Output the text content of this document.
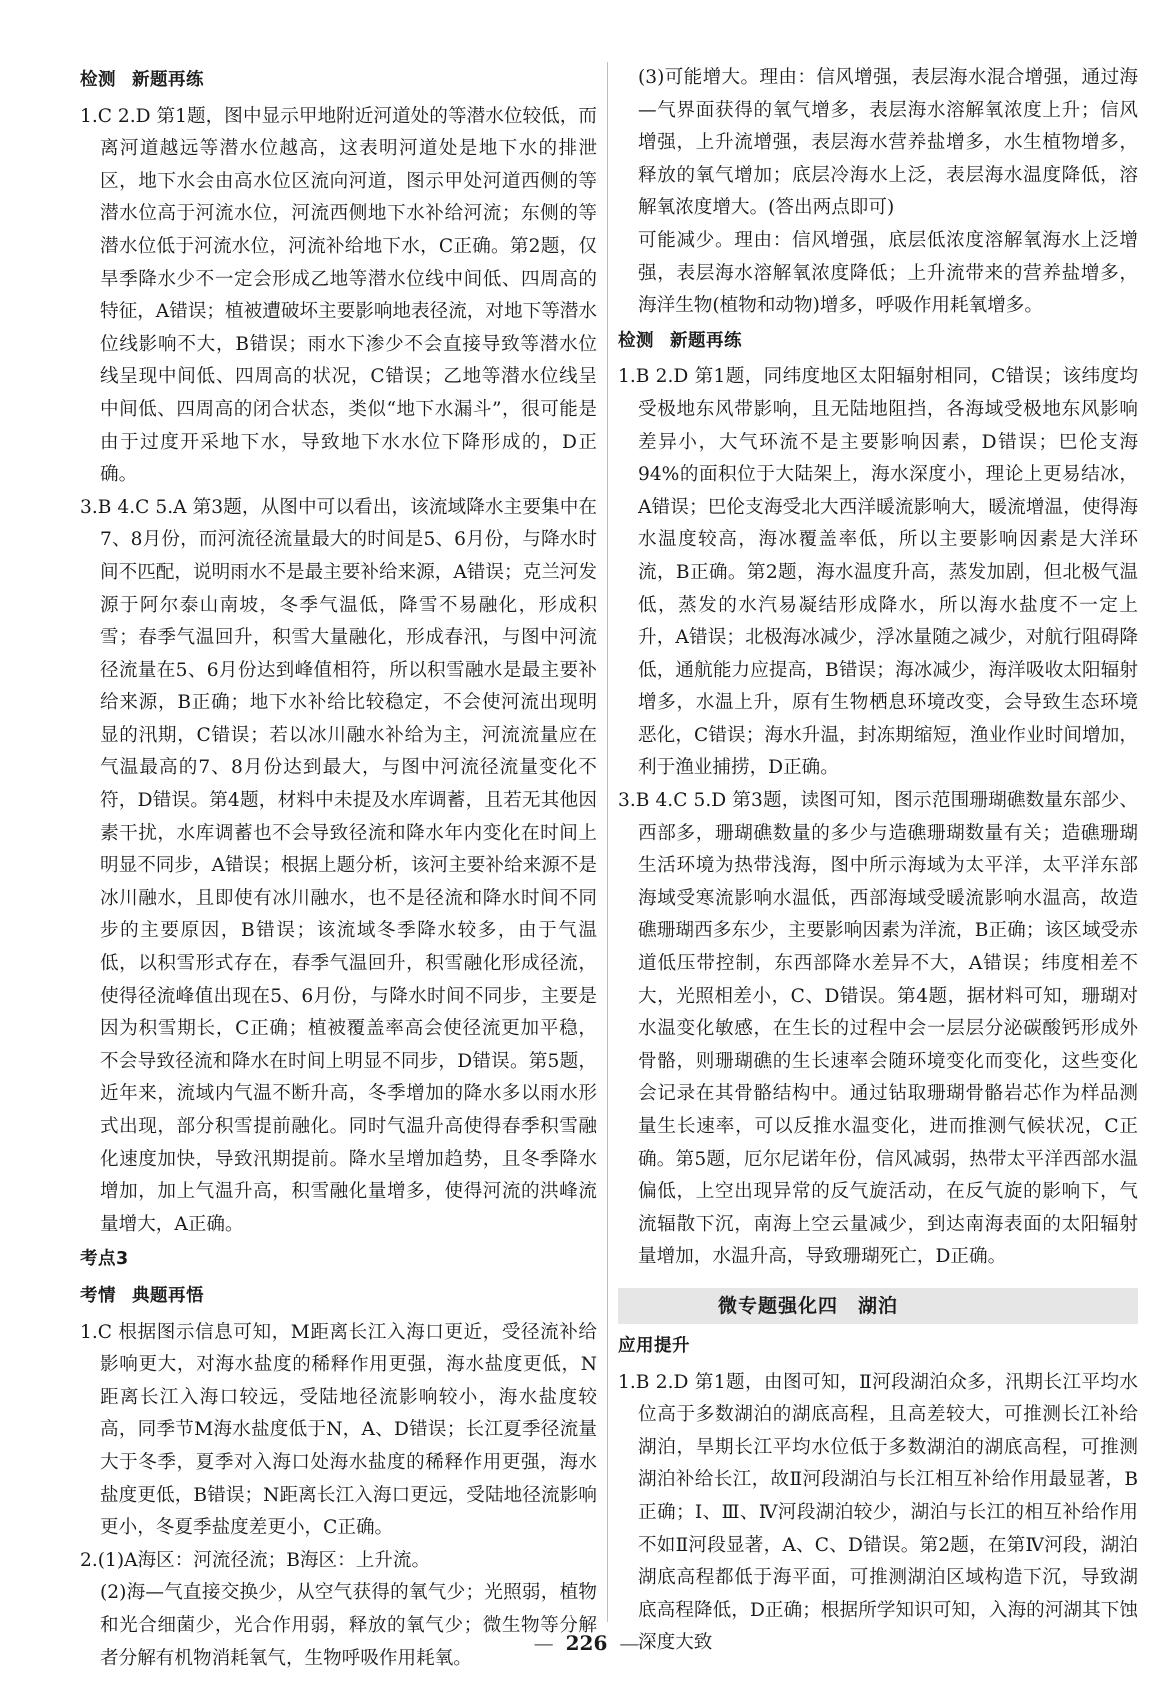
检测 新题再练

1.C 2.D 第1题，图中显示甲地附近河道处的等潜水位较低，而离河道越远等潜水位越高，这表明河道处是地下水的排泄区，地下水会由高水位区流向河道，图示甲处河道西侧的等潜水位高于河流水位，河流西侧地下水补给河流；东侧的等潜水位低于河流水位，河流补给地下水，C正确。第2题，仅旱季降水少不一定会形成乙地等潜水位线中间低、四周高的特征，A错误；植被遭破坏主要影响地表径流，对地下等潜水位线影响不大，B错误；雨水下渗少不会直接导致等潜水位线呈现中间低、四周高的状况，C错误；乙地等潜水位线呈中间低、四周高的闭合状态，类似“地下水漏斗”，很可能是由于过度开采地下水，导致地下水水位下降形成的，D正确。

3.B 4.C 5.A 第3题，从图中可以看出，该流域降水主要集中在7、8月份，而河流径流量最大的时间是5、6月份，与降水时间不匹配，说明雨水不是最主要补给来源，A错误；克兰河发源于阿尔泰山南坡，冬季气温低，降雪不易融化，形成积雪；春季气温回升，积雪大量融化，形成春汛，与图中河流径流量在5、6月份达到峰值相符，所以积雪融水是最主要补给来源，B正确；地下水补给比较稳定，不会使河流出现明显的汛期，C错误；若以冰川融水补给为主，河流流量应在气温最高的7、8月份达到最大，与图中河流径流量变化不符，D错误。第4题，材料中未提及水库调蓄，且若无其他因素干扰，水库调蓄也不会导致径流和降水年内变化在时间上明显不同步，A错误；根据上题分析，该河主要补给来源不是冰川融水，且即使有冰川融水，也不是径流和降水时间不同步的主要原因，B错误；该流域冬季降水较多，由于气温低，以积雪形式存在，春季气温回升，积雪融化形成径流，使得径流峰值出现在5、6月份，与降水时间不同步，主要是因为积雪期长，C正确；植被覆盖率高会使径流更加平稳，不会导致径流和降水在时间上明显不同步，D错误。第5题，近年来，流域内气温不断升高，冬季增加的降水多以雨水形式出现，部分积雪提前融化。同时气温升高使得春季积雪融化速度加快，导致汛期提前。降水呈增加趋势，且冬季降水增加，加上气温升高，积雪融化量增多，使得河流的洪峰流量增大，A正确。

考点3
考情 典题再悟

1.C 根据图示信息可知，M距离长江入海口更近，受径流补给影响更大，对海水盐度的稀释作用更强，海水盐度更低，N距离长江入海口较远，受陆地径流影响较小，海水盐度较高，同季节M海水盐度低于N，A、D错误；长江夏季径流量大于冬季，夏季对入海口处海水盐度的稀释作用更强，海水盐度更低，B错误；N距离长江入海口更远，受陆地径流影响更小，冬夏季盐度差更小，C正确。

2.(1)A海区：河流径流；B海区：上升流。

(2)海—气直接交换少，从空气获得的氧气少；光照弱，植物和光合细菌少，光合作用弱，释放的氧气少；微生物等分解者分解有机物消耗氧气，生物呼吸作用耗氧。

(3)可能增大。理由：信风增强，表层海水混合增强，通过海—气界面获得的氧气增多，表层海水溶解氧浓度上升；信风增强，上升流增强，表层海水营养盐增多，水生植物增多，释放的氧气增加；底层冷海水上泛，表层海水温度降低，溶解氧浓度增大。(答出两点即可)

可能减少。理由：信风增强，底层低浓度溶解氧海水上泛增强，表层海水溶解氧浓度降低；上升流带来的营养盐增多，海洋生物(植物和动物)增多，呼吸作用耗氧增多。

检测 新题再练

1.B 2.D 第1题，同纬度地区太阳辐射相同，C错误；该纬度均受极地东风带影响，且无陆地阻挡，各海域受极地东风影响差异小，大气环流不是主要影响因素，D错误；巴伦支海94%的面积位于大陆架上，海水深度小，理论上更易结冰，A错误；巴伦支海受北大西洋暖流影响大，暖流增温，使得海水温度较高，海冰覆盖率低，所以主要影响因素是大洋环流，B正确。第2题，海水温度升高，蒸发加剧，但北极气温低，蒸发的水汽易凝结形成降水，所以海水盐度不一定上升，A错误；北极海冰减少，浮冰量随之减少，对航行阻碍降低，通航能力应提高，B错误；海冰减少，海洋吸收太阳辐射增多，水温上升，原有生物栖息环境改变，会导致生态环境恶化，C错误；海水升温，封冻期缩短，渔业作业时间增加，利于渔业捕捞，D正确。

3.B 4.C 5.D 第3题，读图可知，图示范围珊瑚礁数量东部少、西部多，珊瑚礁数量的多少与造礁珊瑚数量有关；造礁珊瑚生活环境为热带浅海，图中所示海域为太平洋，太平洋东部海域受寒流影响水温低，西部海域受暖流影响水温高，故造礁珊瑚西多东少，主要影响因素为洋流，B正确；该区域受赤道低压带控制，东西部降水差异不大，A错误；纬度相差不大，光照相差小，C、D错误。第4题，据材料可知，珊瑚对水温变化敏感，在生长的过程中会一层层分泌碳酸钙形成外骨骼，则珊瑚礁的生长速率会随环境变化而变化，这些变化会记录在其骨骼结构中。通过钻取珊瑚骨骼岩芯作为样品测量生长速率，可以反推水温变化，进而推测气候状况，C正确。第5题，厄尔尼诺年份，信风减弱，热带太平洋西部水温偏低，上空出现异常的反气旋活动，在反气旋的影响下，气流辐散下沉，南海上空云量减少，到达南海表面的太阳辐射量增加，水温升高，导致珊瑚死亡，D正确。

微专题强化四　湖泊
应用提升

1.B 2.D 第1题，由图可知，Ⅱ河段湖泊众多，汛期长江平均水位高于多数湖泊的湖底高程，且高差较大，可推测长江补给湖泊，旱期长江平均水位低于多数湖泊的湖底高程，可推测湖泊补给长江，故Ⅱ河段湖泊与长江相互补给作用最显著，B正确；Ⅰ、Ⅲ、Ⅳ河段湖泊较少，湖泊与长江的相互补给作用不如Ⅱ河段显著，A、C、D错误。第2题，在第Ⅳ河段，湖泊湖底高程都低于海平面，可推测湖泊区域构造下沉，导致湖底高程降低，D正确；根据所学知识可知，入海的河湖其下蚀深度大致

— 226 —
